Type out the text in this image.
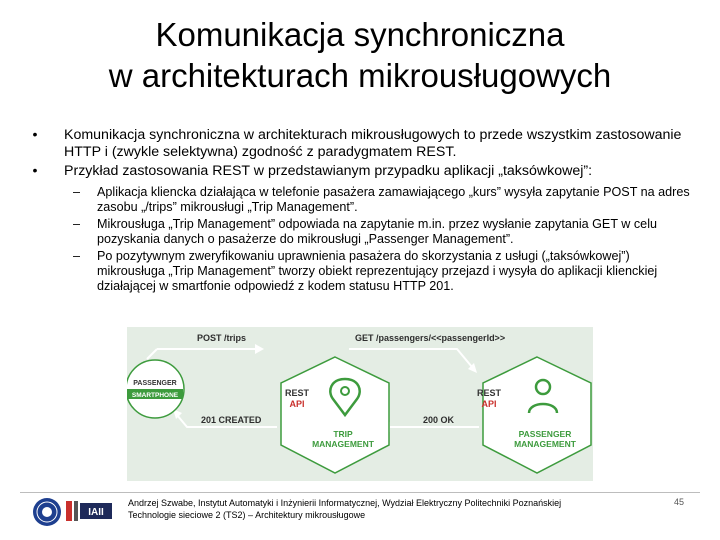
Komunikacja synchroniczna
w architekturach mikrousługowych
• Komunikacja synchroniczna w architekturach mikrousługowych to przede wszystkim zastosowanie HTTP i (zwykle selektywna) zgodność z paradygmatem REST.
• Przykład zastosowania REST w przedstawianym przypadku aplikacji „taksówkowej”:
– Aplikacja kliencka działająca w telefonie pasażera zamawiającego „kurs” wysyła zapytanie POST na adres zasobu „/trips” mikrousługi „Trip Management”.
– Mikrousługa „Trip Management” odpowiada na zapytanie m.in. przez wysłanie zapytania GET w celu pozyskania danych o pasażerze do mikrousługi „Passenger Management”.
– Po pozytywnym zweryfikowaniu uprawnienia pasażera do skorzystania z usługi („taksówkowej”) mikrousługa „Trip Management” tworzy obiekt reprezentujący przejazd i wysyła do aplikacji klienckiej działającej w smartfonie odpowiedź z kodem statusu HTTP 201.
POST /trips	GET /passengers/<<passengerId>>
201 CREATED	200 OK
PASSENGER
SMARTPHONE	REST
API
TRIP
MANAGEMENT
REST
API
PASSENGER
MANAGEMENT
IAII
Andrzej Szwabe, Instytut Automatyki i Inżynierii Informatycznej, Wydział Elektryczny Politechniki Poznańskiej
Technologie sieciowe 2 (TS2) – Architektury mikrousługowe
45
